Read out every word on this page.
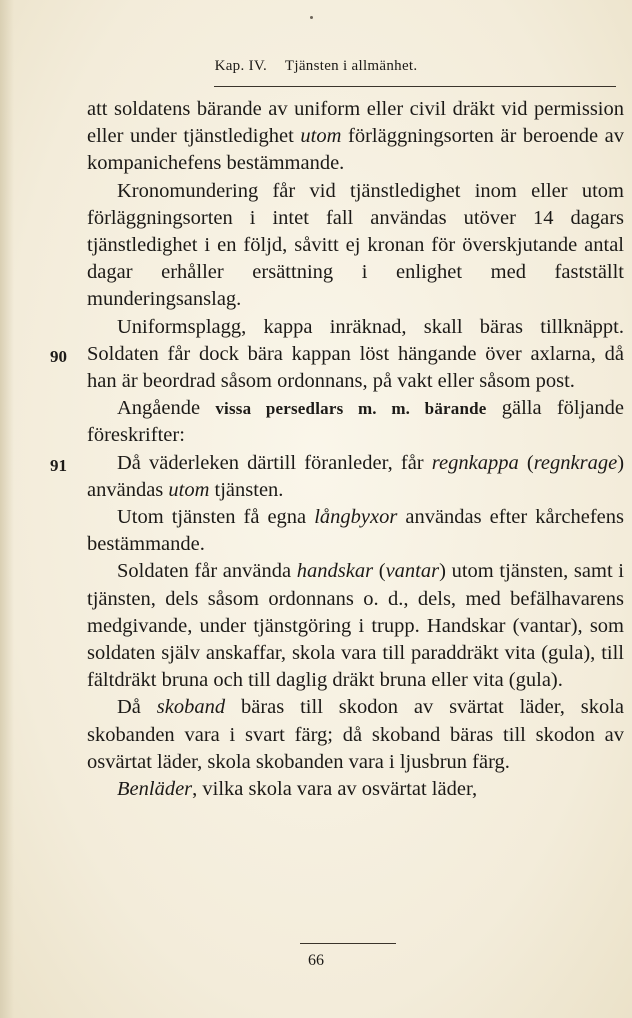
Kap. IV. Tjänsten i allmänhet.
90
91

att soldatens bärande av uniform eller civil dräkt vid permission eller under tjänstledighet utom förläggningsorten är beroende av kompanichefens bestämmande.

Kronomundering får vid tjänstledighet inom eller utom förläggningsorten i intet fall användas utöver 14 dagars tjänstledighet i en följd, såvitt ej kronan för överskjutande antal dagar erhåller ersättning i enlighet med fastställt munderingsanslag.

Uniformsplagg, kappa inräknad, skall bäras tillknäppt. Soldaten får dock bära kappan löst hängande över axlarna, då han är beordrad såsom ordonnans, på vakt eller såsom post.

Angående vissa persedlars m. m. bärande gälla följande föreskrifter:

Då väderleken därtill föranleder, får regnkappa (regnkrage) användas utom tjänsten.

Utom tjänsten få egna långbyxor användas efter kårchefens bestämmande.

Soldaten får använda handskar (vantar) utom tjänsten, samt i tjänsten, dels såsom ordonnans o. d., dels, med befälhavarens medgivande, under tjänstgöring i trupp. Handskar (vantar), som soldaten själv anskaffar, skola vara till paraddräkt vita (gula), till fältdräkt bruna och till daglig dräkt bruna eller vita (gula).

Då skoband bäras till skodon av svärtat läder, skola skobanden vara i svart färg; då skoband bäras till skodon av osvärtat läder, skola skobanden vara i ljusbrun färg.

Benläder, vilka skola vara av osvärtat läder,

66
